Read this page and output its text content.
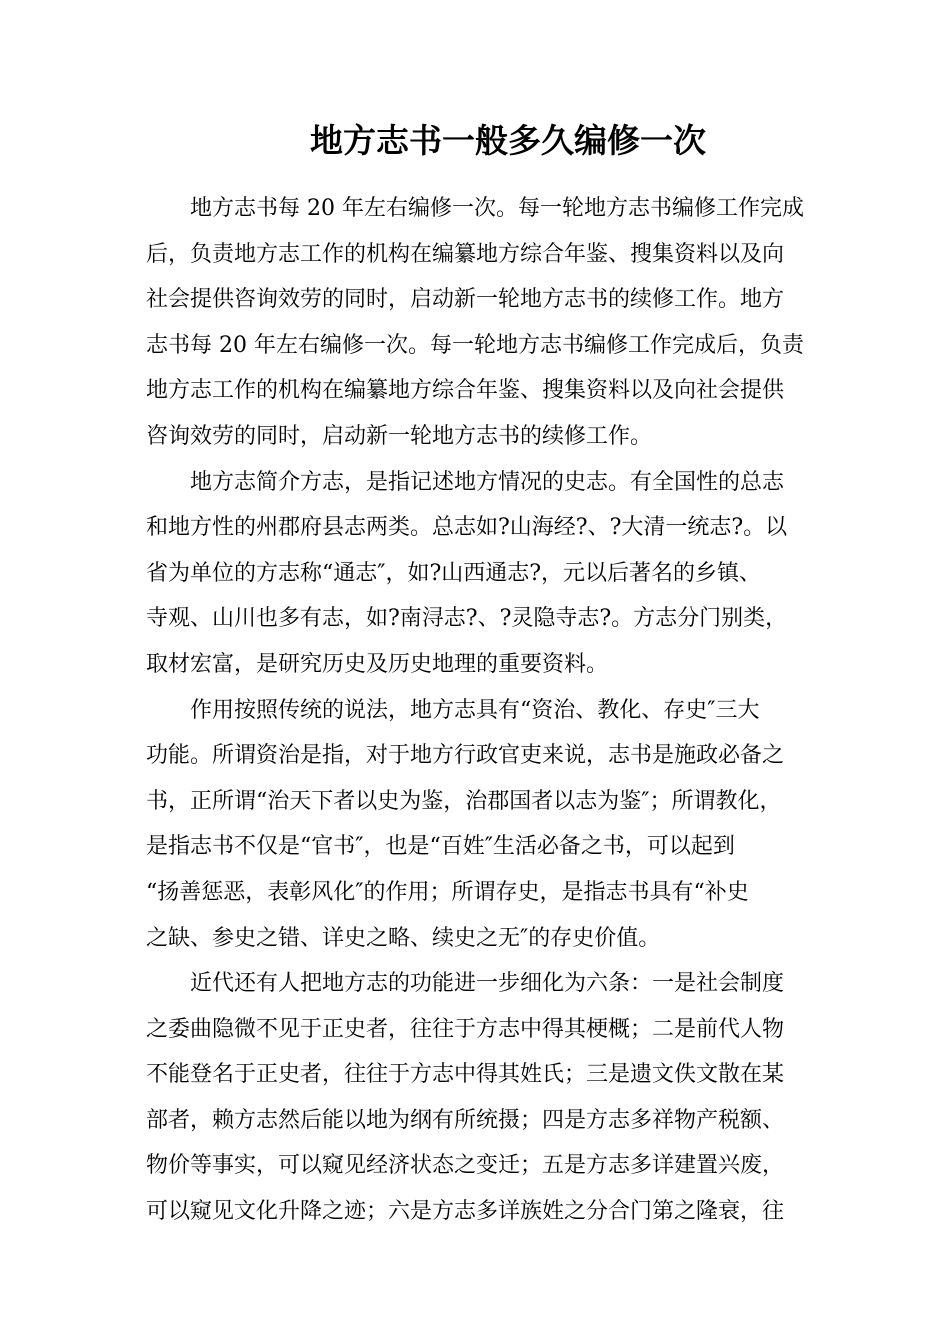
地方志书一般多久编修一次

地方志书每 20 年左右编修一次。每一轮地方志书编修工作完成
后，负责地方志工作的机构在编纂地方综合年鉴、搜集资料以及向
社会提供咨询效劳的同时，启动新一轮地方志书的续修工作。地方
志书每 20 年左右编修一次。每一轮地方志书编修工作完成后，负责
地方志工作的机构在编纂地方综合年鉴、搜集资料以及向社会提供
咨询效劳的同时，启动新一轮地方志书的续修工作。

地方志简介方志，是指记述地方情况的史志。有全国性的总志
和地方性的州郡府县志两类。总志如?山海经?、?大清一统志?。以
省为单位的方志称“通志″，如?山西通志?，元以后著名的乡镇、
寺观、山川也多有志，如?南浔志?、?灵隐寺志?。方志分门别类，
取材宏富，是研究历史及历史地理的重要资料。

作用按照传统的说法，地方志具有“资治、教化、存史″三大
功能。所谓资治是指，对于地方行政官吏来说，志书是施政必备之
书，正所谓“治天下者以史为鉴，治郡国者以志为鉴″；所谓教化，
是指志书不仅是“官书″，也是“百姓″生活必备之书，可以起到
“扬善惩恶，表彰风化″的作用；所谓存史，是指志书具有“补史
之缺、参史之错、详史之略、续史之无″的存史价值。

近代还有人把地方志的功能进一步细化为六条：一是社会制度
之委曲隐微不见于正史者，往往于方志中得其梗概；二是前代人物
不能登名于正史者，往往于方志中得其姓氏；三是遗文佚文散在某
部者，赖方志然后能以地为纲有所统摄；四是方志多祥物产税额、
物价等事实，可以窥见经济状态之变迁；五是方志多详建置兴废，
可以窥见文化升降之迹；六是方志多详族姓之分合门第之隆衰，往
